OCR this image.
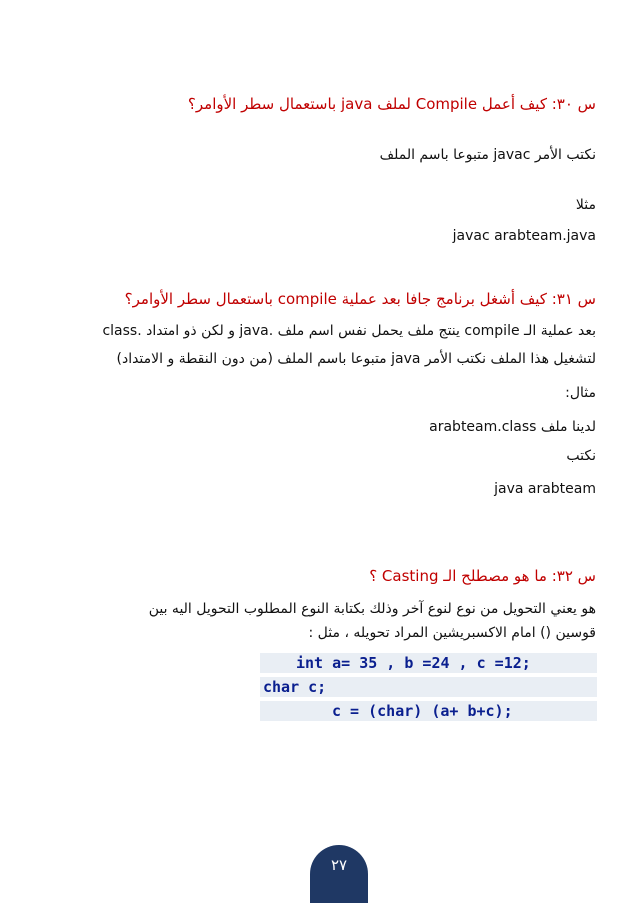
س ٣٠: كيف أعمل Compile لملف java باستعمال سطر الأوامر؟
نكتب الأمر javac متبوعا باسم الملف
مثلا
javac arabteam.java
س ٣١: كيف أشغل برنامج جافا بعد عملية compile باستعمال سطر الأوامر؟
بعد عملية الـ compile ينتج ملف يحمل نفس اسم ملف .java و لكن ذو امتداد .class
لتشغيل هذا الملف نكتب الأمر java متبوعا باسم الملف (من دون النقطة و الامتداد)
مثال:
لدينا ملف arabteam.class
نكتب
java arabteam
س ٣٢: ما هو مصطلح الـ Casting ؟
هو يعني التحويل من نوع لنوع آخر وذلك بكتابة النوع المطلوب التحويل اليه بين
قوسين () امام الاكسبريشين المراد تحويله ، مثل :
int a= 35 , b =24 , c =12;
char c;
c = (char) (a+ b+c);
٢٧
